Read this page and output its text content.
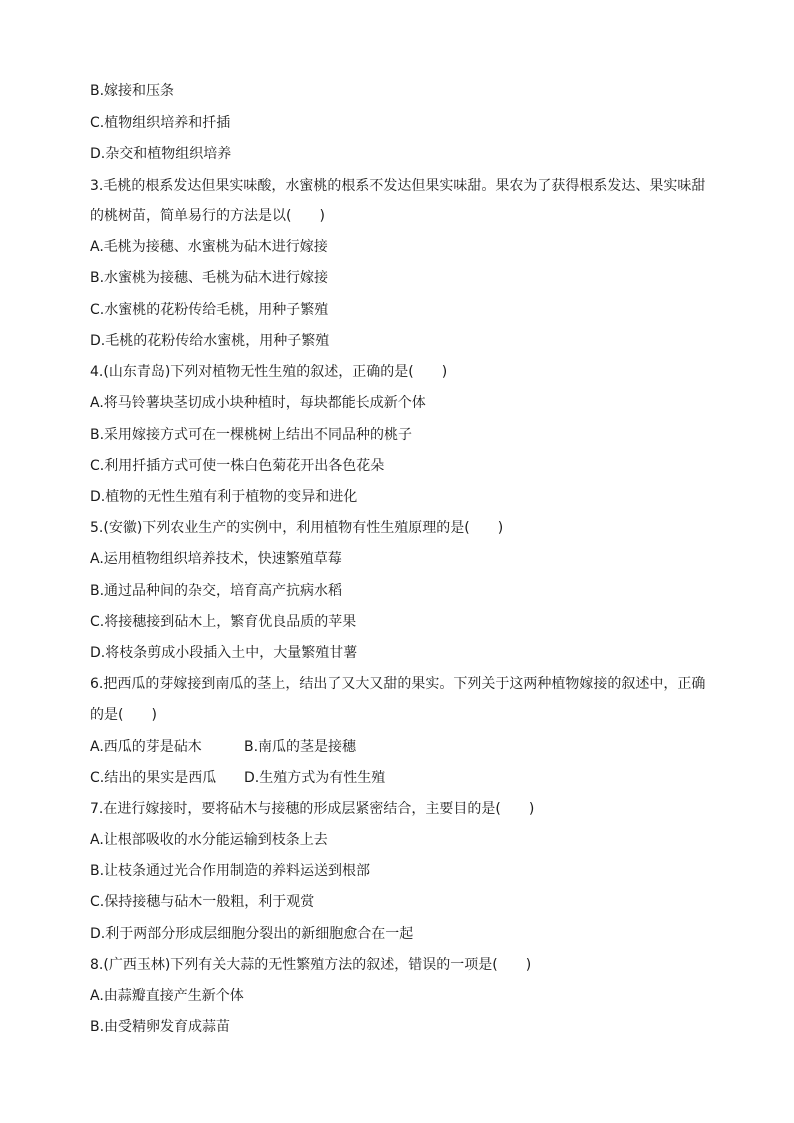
B.嫁接和压条
C.植物组织培养和扦插
D.杂交和植物组织培养
3.毛桃的根系发达但果实味酸，水蜜桃的根系不发达但果实味甜。果农为了获得根系发达、果实味甜
的桃树苗，简单易行的方法是以(　　)
A.毛桃为接穗、水蜜桃为砧木进行嫁接
B.水蜜桃为接穗、毛桃为砧木进行嫁接
C.水蜜桃的花粉传给毛桃，用种子繁殖
D.毛桃的花粉传给水蜜桃，用种子繁殖
4.(山东青岛)下列对植物无性生殖的叙述，正确的是(　　)
A.将马铃薯块茎切成小块种植时，每块都能长成新个体
B.采用嫁接方式可在一棵桃树上结出不同品种的桃子
C.利用扦插方式可使一株白色菊花开出各色花朵
D.植物的无性生殖有利于植物的变异和进化
5.(安徽)下列农业生产的实例中，利用植物有性生殖原理的是(　　)
A.运用植物组织培养技术，快速繁殖草莓
B.通过品种间的杂交，培育高产抗病水稻
C.将接穗接到砧木上，繁育优良品质的苹果
D.将枝条剪成小段插入土中，大量繁殖甘薯
6.把西瓜的芽嫁接到南瓜的茎上，结出了又大又甜的果实。下列关于这两种植物嫁接的叙述中，正确
的是(　　)
A.西瓜的芽是砧木	B.南瓜的茎是接穗
C.结出的果实是西瓜 D.生殖方式为有性生殖
7.在进行嫁接时，要将砧木与接穗的形成层紧密结合，主要目的是(　　)
A.让根部吸收的水分能运输到枝条上去
B.让枝条通过光合作用制造的养料运送到根部
C.保持接穗与砧木一般粗，利于观赏
D.利于两部分形成层细胞分裂出的新细胞愈合在一起
8.(广西玉林)下列有关大蒜的无性繁殖方法的叙述，错误的一项是(　　)
A.由蒜瓣直接产生新个体
B.由受精卵发育成蒜苗
